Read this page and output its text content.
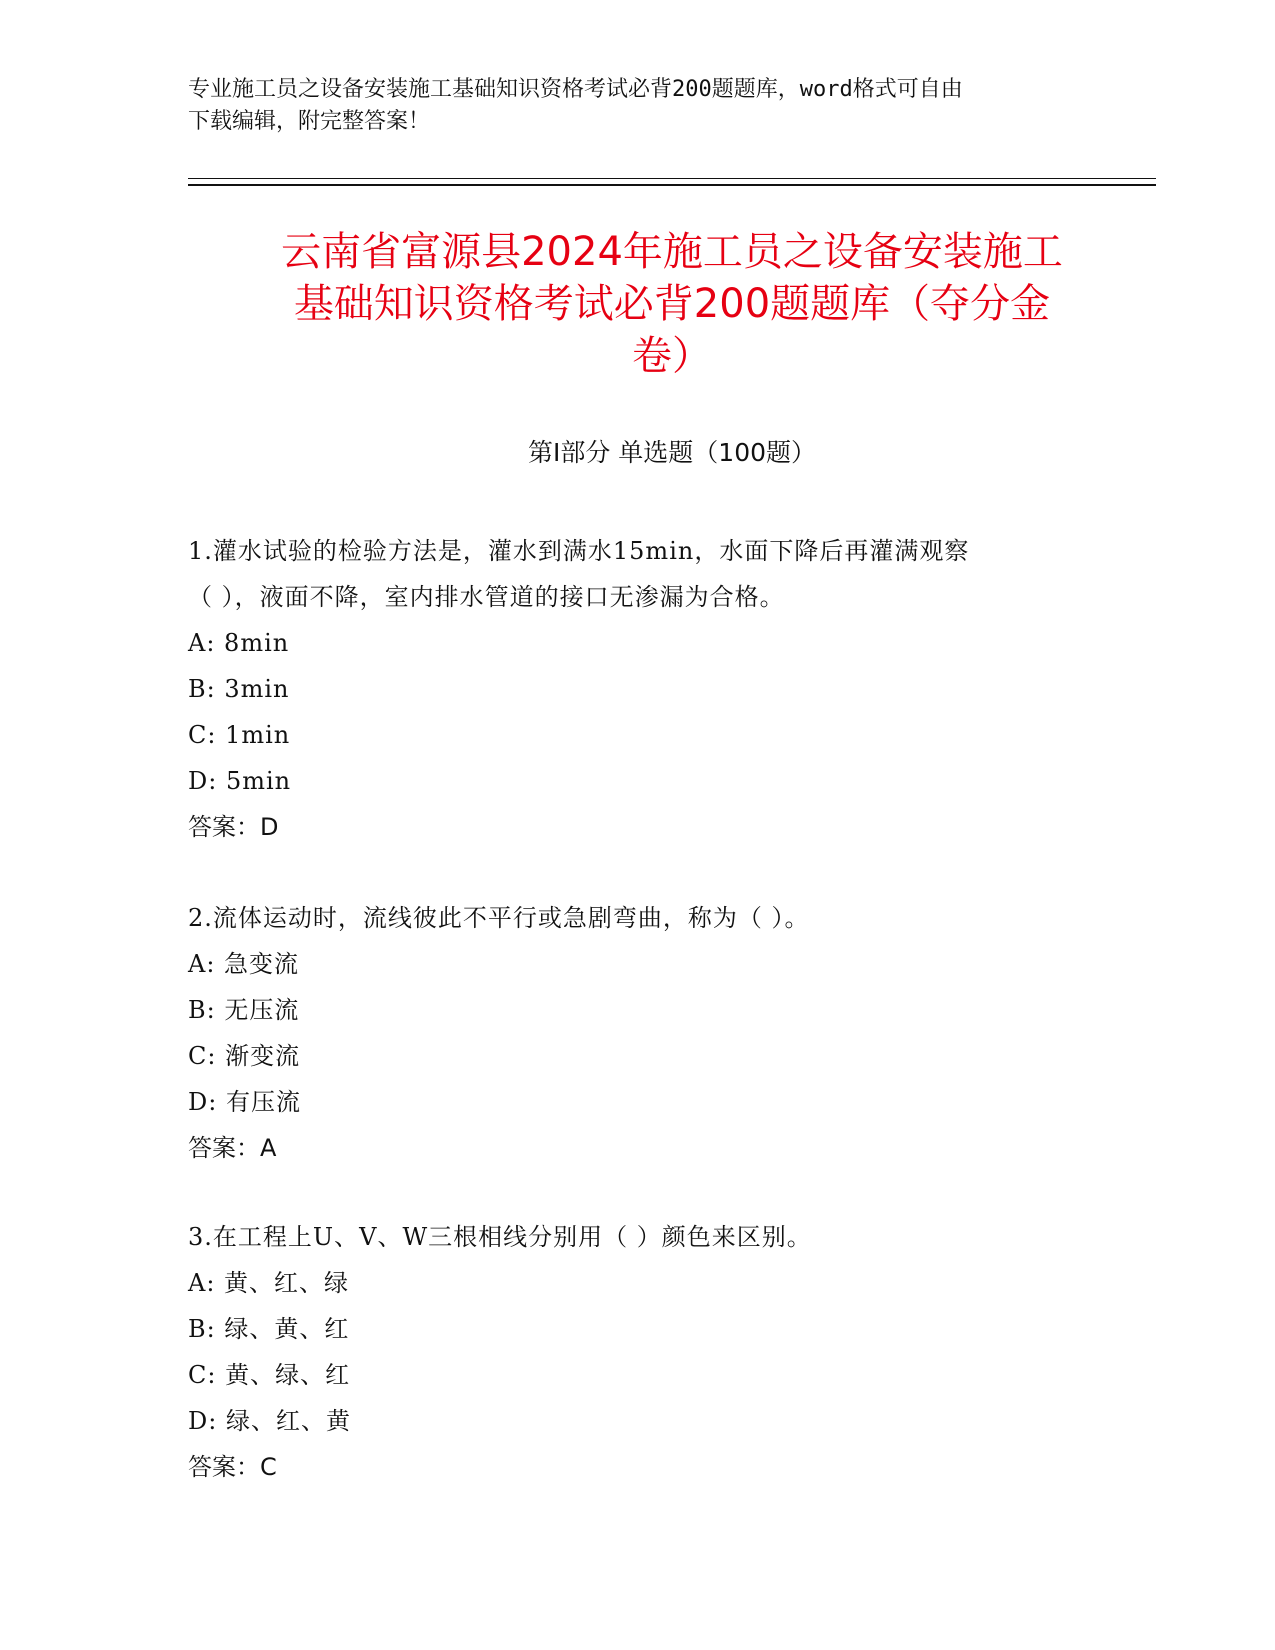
专业施工员之设备安装施工基础知识资格考试必背200题题库，word格式可自由
下载编辑，附完整答案！
云南省富源县2024年施工员之设备安装施工
基础知识资格考试必背200题题库（夺分金
卷）
第Ⅰ部分 单选题（100题）

1.灌水试验的检验方法是，灌水到满水15min，水面下降后再灌满观察

（ ），液面不降，室内排水管道的接口无渗漏为合格。

A: 8min

B: 3min

C: 1min

D: 5min

答案：D

2.流体运动时，流线彼此不平行或急剧弯曲，称为（ ）。

A: 急变流

B: 无压流

C: 渐变流

D: 有压流

答案：A

3.在工程上U、V、W三根相线分别用（ ）颜色来区别。

A: 黄、红、绿

B: 绿、黄、红

C: 黄、绿、红

D: 绿、红、黄

答案：C
